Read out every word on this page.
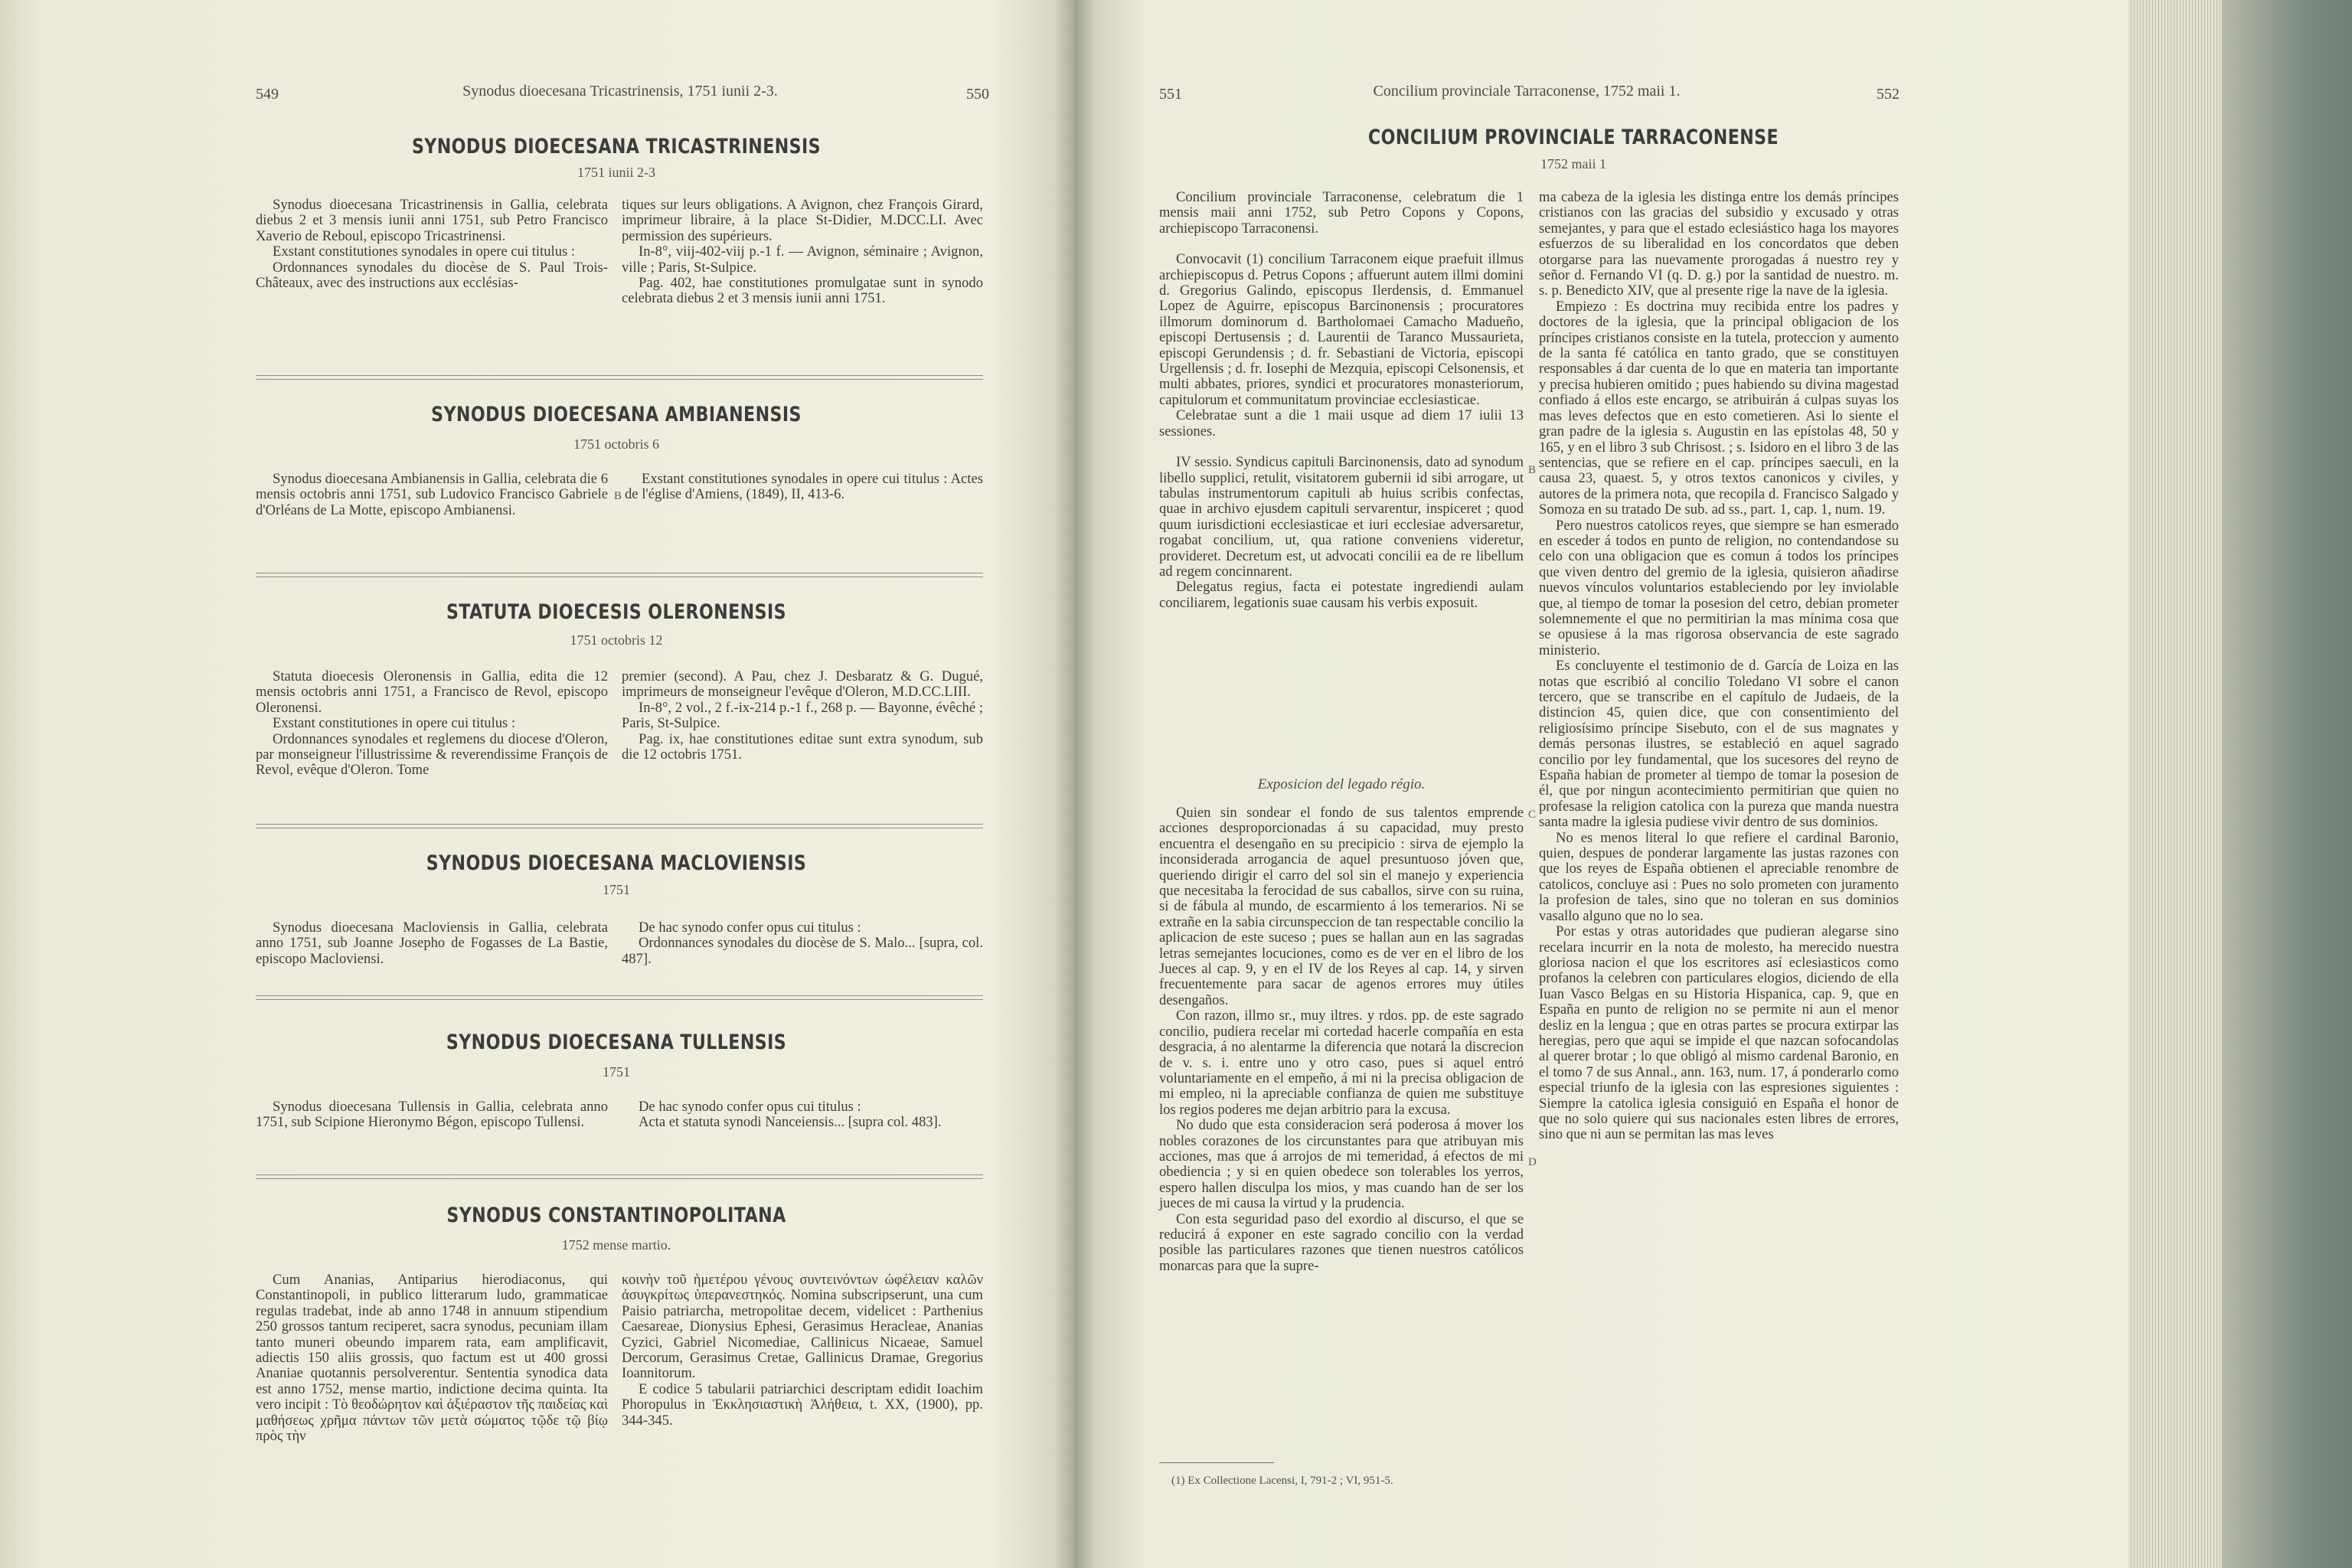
549	Synodus dioecesana Tricastrinensis, 1751 iunii 2-3.	550	551	Concilium provinciale Tarraconense, 1752 maii 1.	552
SYNODUS DIOECESANA TRICASTRINENSIS
1751 iunii 2-3

Synodus dioecesana Tricastrinensis in Gallia, celebrata diebus 2 et 3 mensis iunii anni 1751, sub Petro Francisco Xaverio de Reboul, episcopo Tricastrinensi.

Exstant constitutiones synodales in opere cui titulus :

Ordonnances synodales du diocèse de S. Paul Trois-Châteaux, avec des instructions aux ecclésias-

tiques sur leurs obligations. A Avignon, chez François Girard, imprimeur libraire, à la place St-Didier, M.DCC.LI. Avec permission des supérieurs.

In-8°, viij-402-viij p.-1 f. — Avignon, séminaire ; Avignon, ville ; Paris, St-Sulpice.

Pag. 402, hae constitutiones promulgatae sunt in synodo celebrata diebus 2 et 3 mensis iunii anni 1751.

SYNODUS DIOECESANA AMBIANENSIS
1751 octobris 6

Synodus dioecesana Ambianensis in Gallia, celebrata die 6 mensis octobris anni 1751, sub Ludovico Francisco Gabriele d'Orléans de La Motte, episcopo Ambianensi.

B

Exstant constitutiones synodales in opere cui titulus : Actes de l'église d'Amiens, (1849), II, 413-6.

STATUTA DIOECESIS OLERONENSIS
1751 octobris 12

Statuta dioecesis Oleronensis in Gallia, edita die 12 mensis octobris anni 1751, a Francisco de Revol, episcopo Oleronensi.

Exstant constitutiones in opere cui titulus :

Ordonnances synodales et reglemens du diocese d'Oleron, par monseigneur l'illustrissime & reverendissime François de Revol, evêque d'Oleron. Tome

premier (second). A Pau, chez J. Desbaratz & G. Dugué, imprimeurs de monseigneur l'evêque d'Oleron, M.D.CC.LIII.

In-8°, 2 vol., 2 f.-ix-214 p.-1 f., 268 p. — Bayonne, évêché ; Paris, St-Sulpice.

Pag. ix, hae constitutiones editae sunt extra synodum, sub die 12 octobris 1751.

SYNODUS DIOECESANA MACLOVIENSIS
1751

Synodus dioecesana Macloviensis in Gallia, celebrata anno 1751, sub Joanne Josepho de Fogasses de La Bastie, episcopo Macloviensi.

De hac synodo confer opus cui titulus :

Ordonnances synodales du diocèse de S. Malo... [supra, col. 487].

SYNODUS DIOECESANA TULLENSIS
1751

Synodus dioecesana Tullensis in Gallia, celebrata anno 1751, sub Scipione Hieronymo Bégon, episcopo Tullensi.

De hac synodo confer opus cui titulus :

Acta et statuta synodi Nanceiensis... [supra col. 483].

SYNODUS CONSTANTINOPOLITANA
1752 mense martio.

Cum Ananias, Antiparius hierodiaconus, qui Constantinopoli, in publico litterarum ludo, grammaticae regulas tradebat, inde ab anno 1748 in annuum stipendium 250 grossos tantum reciperet, sacra synodus, pecuniam illam tanto muneri obeundo imparem rata, eam amplificavit, adiectis 150 aliis grossis, quo factum est ut 400 grossi Ananiae quotannis persolverentur. Sententia synodica data est anno 1752, mense martio, indictione decima quinta. Ita vero incipit : Τὸ θεοδώρητον καὶ ἀξιέραστον τῆς παιδείας καὶ μαθήσεως χρῆμα πάντων τῶν μετὰ σώματος τῷδε τῷ βίῳ πρὸς τὴν

κοινὴν τοῦ ἡμετέρου γένους συντεινόντων ὠφέλειαν καλῶν ἀσυγκρίτως ὑπερανεστηκός. Nomina subscripserunt, una cum Paisio patriarcha, metropolitae decem, videlicet : Parthenius Caesareae, Dionysius Ephesi, Gerasimus Heracleae, Ananias Cyzici, Gabriel Nicomediae, Callinicus Nicaeae, Samuel Dercorum, Gerasimus Cretae, Gallinicus Dramae, Gregorius Ioannitorum.

E codice 5 tabularii patriarchici descriptam edidit Ioachim Phoropulus in Ἐκκλησιαστικὴ Ἀλήθεια, t. XX, (1900), pp. 344-345.

CONCILIUM PROVINCIALE TARRACONENSE
1752 maii 1

Concilium provinciale Tarraconense, celebratum die 1 mensis maii anni 1752, sub Petro Copons y Copons, archiepiscopo Tarraconensi.

Convocavit (1) concilium Tarraconem eique praefuit illmus archiepiscopus d. Petrus Copons ; affuerunt autem illmi domini d. Gregorius Galindo, episcopus Ilerdensis, d. Emmanuel Lopez de Aguirre, episcopus Barcinonensis ; procuratores illmorum dominorum d. Bartholomaei Camacho Madueño, episcopi Dertusensis ; d. Laurentii de Taranco Mussaurieta, episcopi Gerundensis ; d. fr. Sebastiani de Victoria, episcopi Urgellensis ; d. fr. Iosephi de Mezquia, episcopi Celsonensis, et multi abbates, priores, syndici et procuratores monasteriorum, capitulorum et communitatum provinciae ecclesiasticae.

Celebratae sunt a die 1 maii usque ad diem 17 iulii 13 sessiones.

IV sessio. Syndicus capituli Barcinonensis, dato ad synodum libello supplici, retulit, visitatorem gubernii id sibi arrogare, ut tabulas instrumentorum capituli ab huius scribis confectas, quae in archivo ejusdem capituli servarentur, inspiceret ; quod quum iurisdictioni ecclesiasticae et iuri ecclesiae adversaretur, rogabat concilium, ut, qua ratione conveniens videretur, provideret. Decretum est, ut advocati concilii ea de re libellum ad regem concinnarent.

Delegatus regius, facta ei potestate ingrediendi aulam conciliarem, legationis suae causam his verbis exposuit.

Exposicion del legado régio.

Quien sin sondear el fondo de sus talentos emprende acciones desproporcionadas á su capacidad, muy presto encuentra el desengaño en su precipicio : sirva de ejemplo la inconsiderada arrogancia de aquel presuntuoso jóven que, queriendo dirigir el carro del sol sin el manejo y experiencia que necesitaba la ferocidad de sus caballos, sirve con su ruina, si de fábula al mundo, de escarmiento á los temerarios. Ni se extrañe en la sabia circunspeccion de tan respectable concilio la aplicacion de este suceso ; pues se hallan aun en las sagradas letras semejantes locuciones, como es de ver en el libro de los Jueces al cap. 9, y en el IV de los Reyes al cap. 14, y sirven frecuentemente para sacar de agenos errores muy útiles desengaños.

Con razon, illmo sr., muy iltres. y rdos. pp. de este sagrado concilio, pudiera recelar mi cortedad hacerle compañía en esta desgracia, á no alentarme la diferencia que notará la discrecion de v. s. i. entre uno y otro caso, pues si aquel entró voluntariamente en el empeño, á mi ni la precisa obligacion de mi empleo, ni la apreciable confianza de quien me substituye los regios poderes me dejan arbitrio para la excusa.

No dudo que esta consideracion será poderosa á mover los nobles corazones de los circunstantes para que atribuyan mis acciones, mas que á arrojos de mi temeridad, á efectos de mi obediencia ; y si en quien obedece son tolerables los yerros, espero hallen disculpa los mios, y mas cuando han de ser los jueces de mi causa la virtud y la prudencia.

Con esta seguridad paso del exordio al discurso, el que se reducirá á exponer en este sagrado concilio con la verdad posible las particulares razones que tienen nuestros católicos monarcas para que la supre-

(1) Ex Collectione Lacensi, I, 791-2 ; VI, 951-5.
B
C
D

ma cabeza de la iglesia les distinga entre los demás príncipes cristianos con las gracias del subsidio y excusado y otras semejantes, y para que el estado eclesiástico haga los mayores esfuerzos de su liberalidad en los concordatos que deben otorgarse para las nuevamente prorogadas á nuestro rey y señor d. Fernando VI (q. D. g.) por la santidad de nuestro. m. s. p. Benedicto XIV, que al presente rige la nave de la iglesia.

Empiezo : Es doctrina muy recibida entre los padres y doctores de la iglesia, que la principal obligacion de los príncipes cristianos consiste en la tutela, proteccion y aumento de la santa fé católica en tanto grado, que se constituyen responsables á dar cuenta de lo que en materia tan importante y precisa hubieren omitido ; pues habiendo su divina magestad confiado á ellos este encargo, se atribuirán á culpas suyas los mas leves defectos que en esto cometieren. Asi lo siente el gran padre de la iglesia s. Augustin en las epístolas 48, 50 y 165, y en el libro 3 sub Chrisost. ; s. Isidoro en el libro 3 de las sentencias, que se refiere en el cap. príncipes saeculi, en la causa 23, quaest. 5, y otros textos canonicos y civiles, y autores de la primera nota, que recopila d. Francisco Salgado y Somoza en su tratado De sub. ad ss., part. 1, cap. 1, num. 19.

Pero nuestros catolicos reyes, que siempre se han esmerado en esceder á todos en punto de religion, no contendandose su celo con una obligacion que es comun á todos los príncipes que viven dentro del gremio de la iglesia, quisieron añadirse nuevos vínculos voluntarios estableciendo por ley inviolable que, al tiempo de tomar la posesion del cetro, debian prometer solemnemente el que no permitirian la mas mínima cosa que se opusiese á la mas rigorosa observancia de este sagrado ministerio.

Es concluyente el testimonio de d. García de Loiza en las notas que escribió al concilio Toledano VI sobre el canon tercero, que se transcribe en el capítulo de Judaeis, de la distincion 45, quien dice, que con consentimiento del religiosísimo príncipe Sisebuto, con el de sus magnates y demás personas ilustres, se estableció en aquel sagrado concilio por ley fundamental, que los sucesores del reyno de España habian de prometer al tiempo de tomar la posesion de él, que por ningun acontecimiento permitirian que quien no profesase la religion catolica con la pureza que manda nuestra santa madre la iglesia pudiese vivir dentro de sus dominios.

No es menos literal lo que refiere el cardinal Baronio, quien, despues de ponderar largamente las justas razones con que los reyes de España obtienen el apreciable renombre de catolicos, concluye asi : Pues no solo prometen con juramento la profesion de tales, sino que no toleran en sus dominios vasallo alguno que no lo sea.

Por estas y otras autoridades que pudieran alegarse sino recelara incurrir en la nota de molesto, ha merecido nuestra gloriosa nacion el que los escritores así eclesiasticos como profanos la celebren con particulares elogios, diciendo de ella Iuan Vasco Belgas en su Historia Hispanica, cap. 9, que en España en punto de religion no se permite ni aun el menor desliz en la lengua ; que en otras partes se procura extirpar las heregias, pero que aqui se impide el que nazcan sofocandolas al querer brotar ; lo que obligó al mismo cardenal Baronio, en el tomo 7 de sus Annal., ann. 163, num. 17, á ponderarlo como especial triunfo de la iglesia con las espresiones siguientes : Siempre la catolica iglesia consiguió en España el honor de que no solo quiere qui sus nacionales esten libres de errores, sino que ni aun se permitan las mas leves
